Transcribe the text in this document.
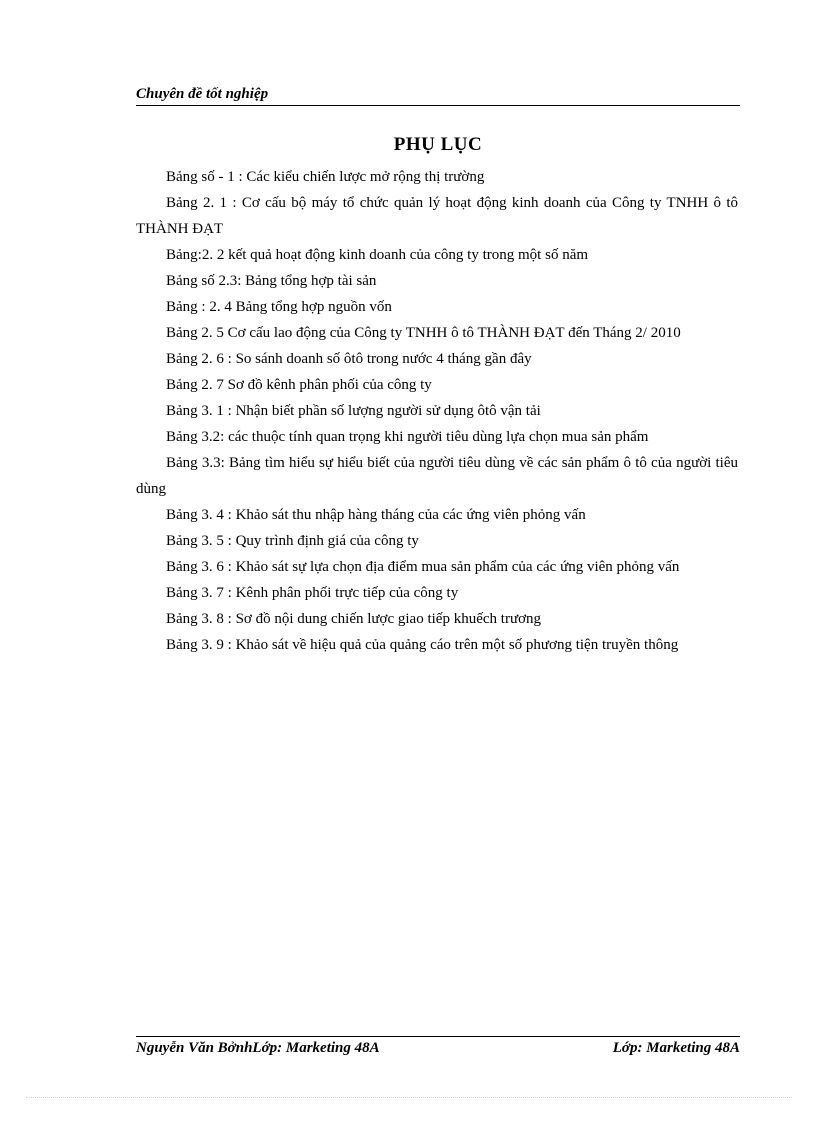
Chuyên đề tốt nghiệp
PHỤ LỤC

Bảng số - 1 : Các kiểu chiến lược mở rộng thị trường

Bảng 2. 1 : Cơ cấu bộ máy tổ chức quản lý hoạt động kinh doanh của Công ty TNHH ô tô THÀNH ĐẠT

Bảng:2. 2 kết quả hoạt động kinh doanh của công ty trong một số năm

Bảng số 2.3: Bảng tổng hợp tài sản

Bảng : 2. 4 Bảng tổng hợp nguồn vốn

Bảng 2. 5 Cơ cấu lao động của Công ty TNHH ô tô THÀNH ĐẠT đến Tháng 2/ 2010

Bảng 2. 6 : So sánh doanh số ôtô trong nước 4 tháng gần đây

Bảng 2. 7 Sơ đồ kênh phân phối của công ty

Bảng 3. 1 : Nhận biết phần số lượng người sử dụng ôtô vận tải

Bảng 3.2: các thuộc tính quan trọng khi người tiêu dùng lựa chọn mua sản phẩm

Bảng 3.3: Bảng tìm hiểu sự hiểu biết của người tiêu dùng về các sản phẩm ô tô của người tiêu dùng

Bảng 3. 4 : Khảo sát thu nhập hàng tháng của các ứng viên phỏng vấn

Bảng 3. 5 : Quy trình định giá của công ty

Bảng 3. 6 : Khảo sát sự lựa chọn địa điểm mua sản phẩm của các ứng viên phỏng vấn

Bảng 3. 7 : Kênh phân phối trực tiếp của công ty

Bảng 3. 8 : Sơ đồ nội dung chiến lược giao tiếp khuếch trương

Bảng 3. 9 : Khảo sát về hiệu quả của quảng cáo trên một số phương tiện truyền thông

Nguyễn Văn BởnhLớp: Marketing 48A	Lớp: Marketing 48A
